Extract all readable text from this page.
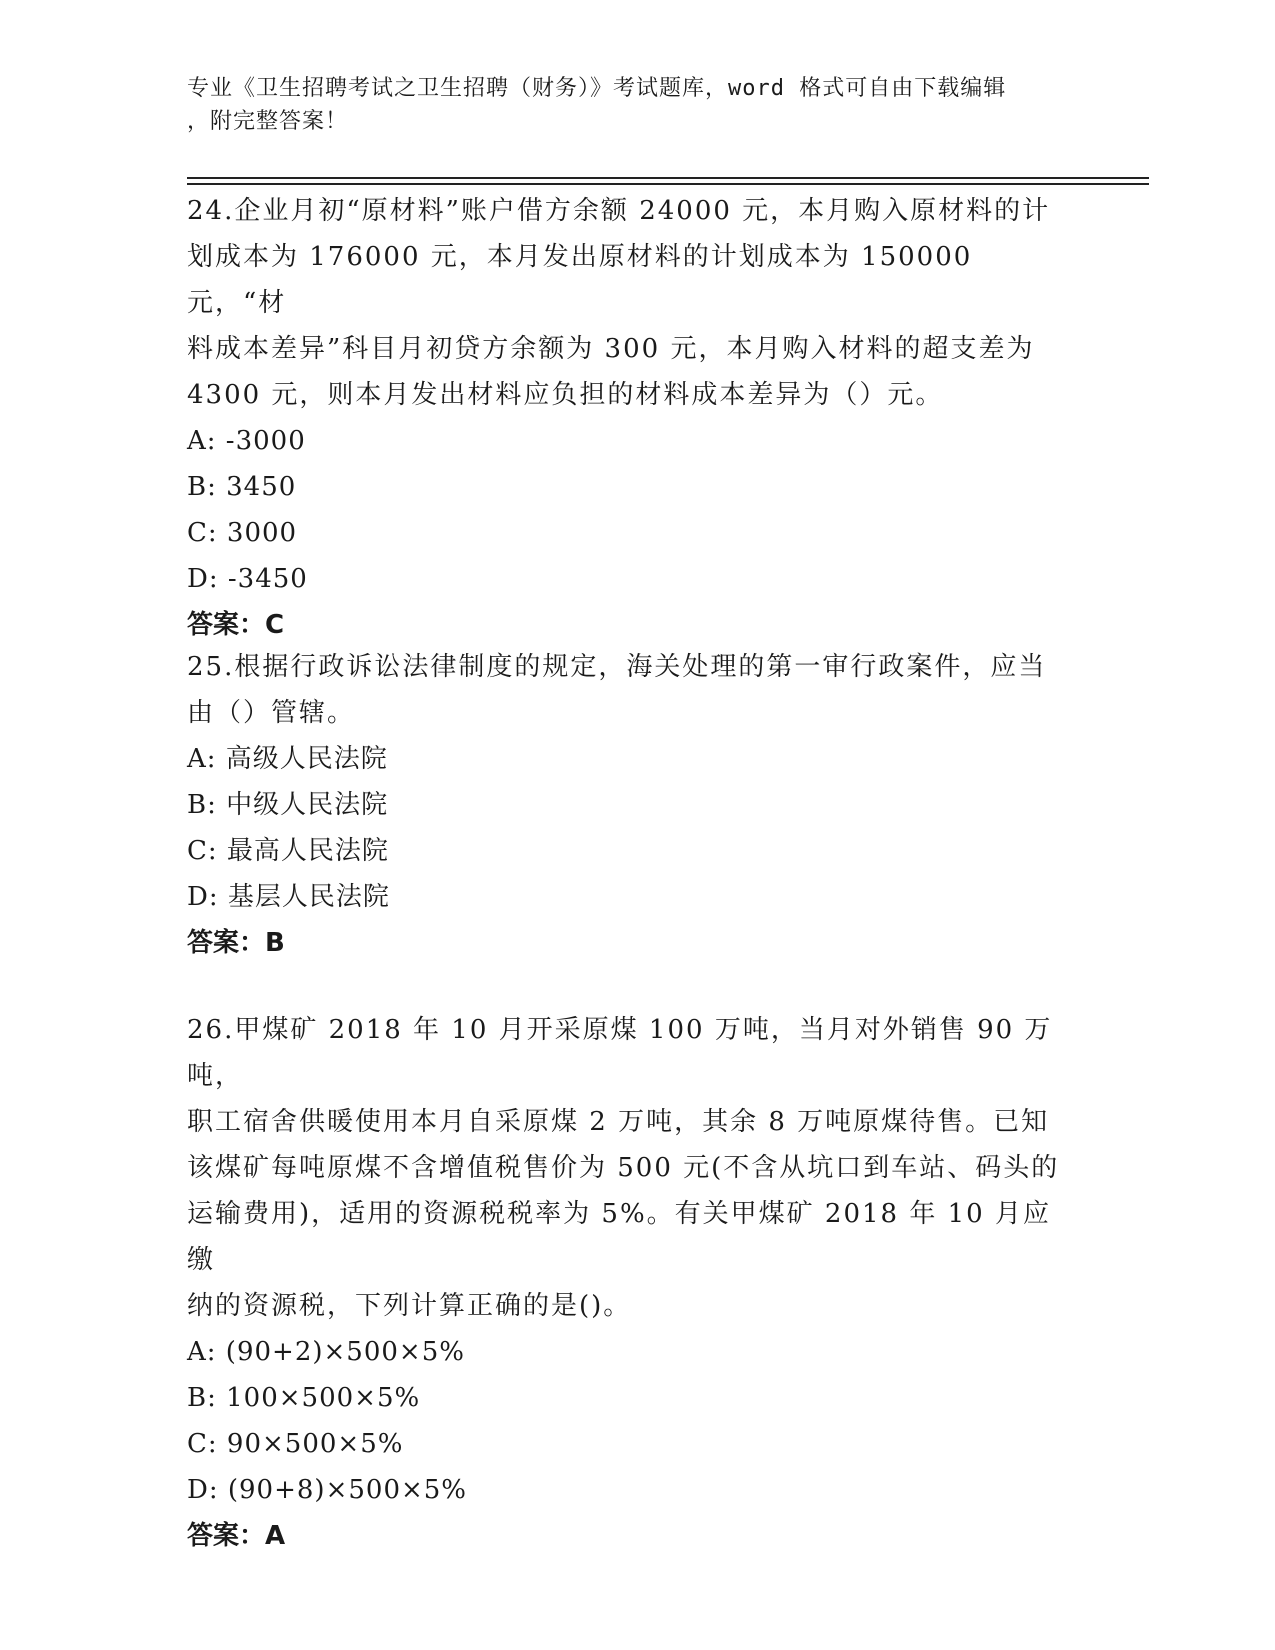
专业《卫生招聘考试之卫生招聘（财务）》考试题库，word 格式可自由下载编辑
，附完整答案！
24.企业月初“原材料”账户借方余额 24000 元，本月购入原材料的计
划成本为 176000 元，本月发出原材料的计划成本为 150000 元，“材
料成本差异”科目月初贷方余额为 300 元，本月购入材料的超支差为
4300 元，则本月发出材料应负担的材料成本差异为（）元。
A: -3000
B: 3450
C: 3000
D: -3450
答案：C
25.根据行政诉讼法律制度的规定，海关处理的第一审行政案件，应当
由（）管辖。
A: 高级人民法院
B: 中级人民法院
C: 最高人民法院
D: 基层人民法院
答案：B
26.甲煤矿 2018 年 10 月开采原煤 100 万吨，当月对外销售 90 万吨，
职工宿舍供暖使用本月自采原煤 2 万吨，其余 8 万吨原煤待售。已知
该煤矿每吨原煤不含增值税售价为 500 元(不含从坑口到车站、码头的
运输费用)，适用的资源税税率为 5%。有关甲煤矿 2018 年 10 月应缴
纳的资源税，下列计算正确的是()。
A: (90+2)×500×5%
B: 100×500×5%
C: 90×500×5%
D: (90+8)×500×5%
答案：A
